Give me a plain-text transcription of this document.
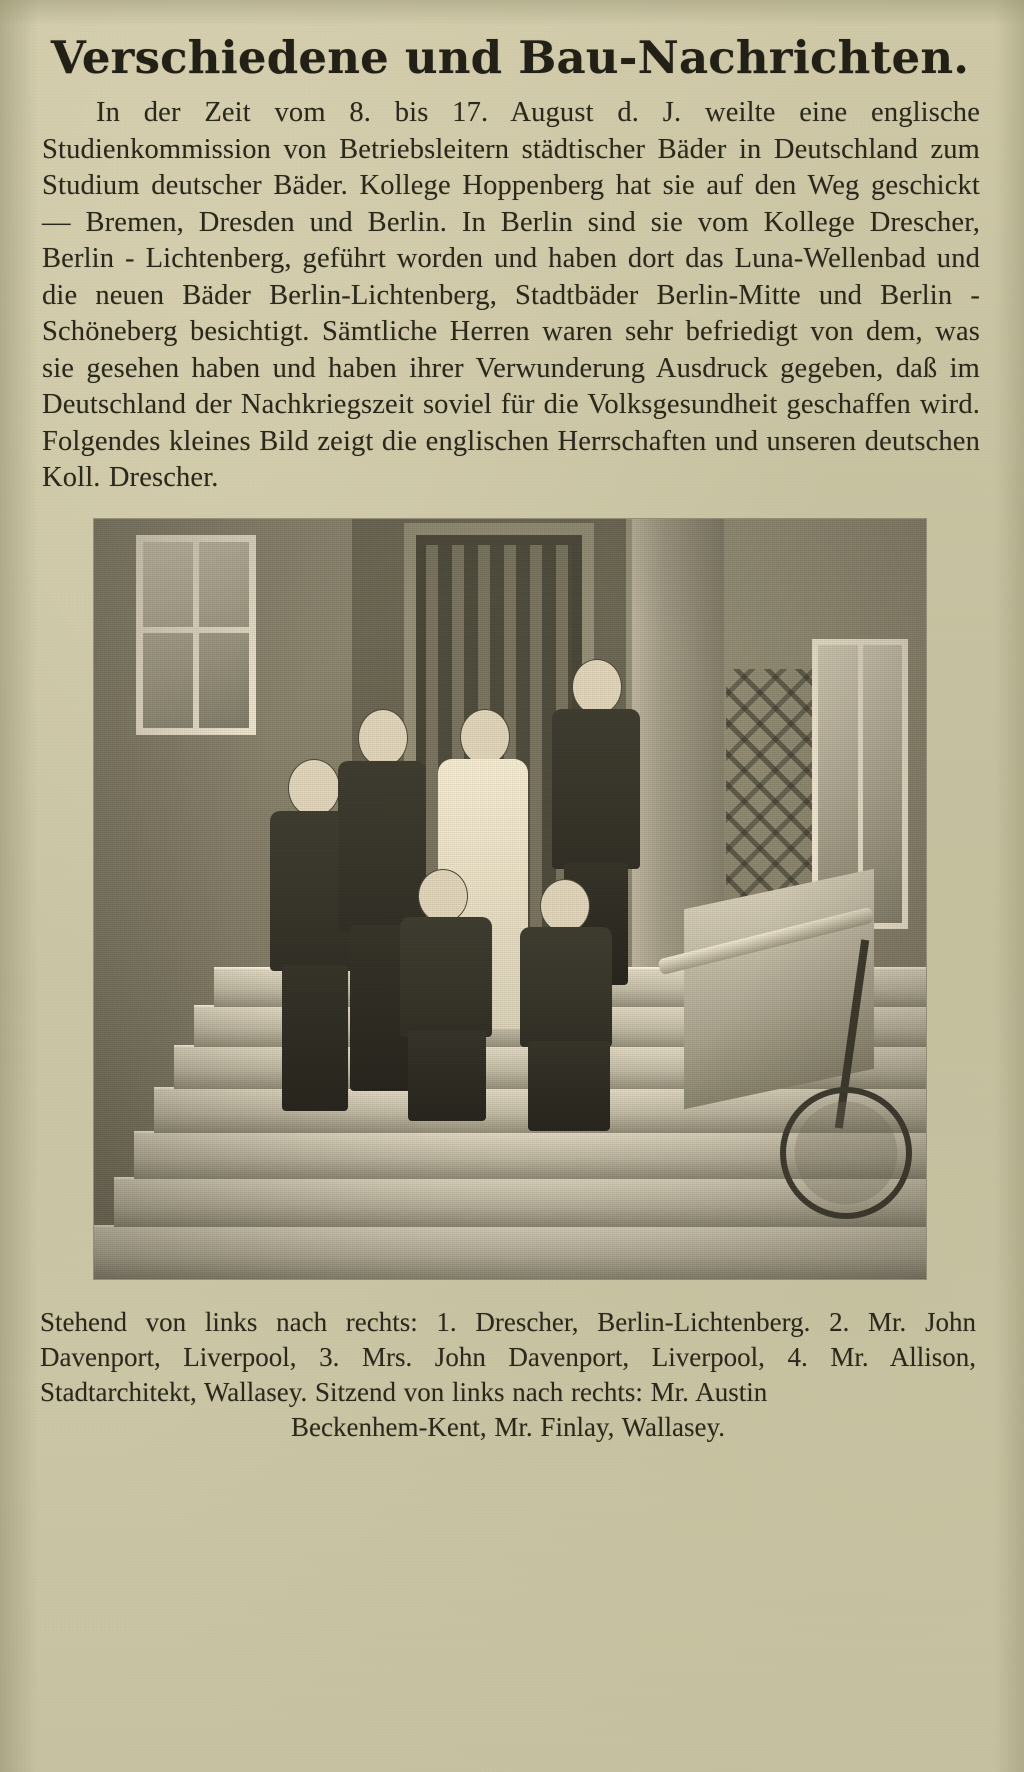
Verschiedene und Bau-Nachrichten.

In der Zeit vom 8. bis 17. August d. J. weilte eine englische Studienkommission von Betriebsleitern städtischer Bäder in Deutschland zum Studium deutscher Bäder. Kollege Hoppenberg hat sie auf den Weg geschickt — Bremen, Dresden und Berlin. In Berlin sind sie vom Kollege Drescher, Berlin - Lichtenberg, geführt worden und haben dort das Luna-Wellenbad und die neuen Bäder Berlin-Lichtenberg, Stadtbäder Berlin-Mitte und Berlin - Schöneberg besichtigt. Sämtliche Herren waren sehr befriedigt von dem, was sie gesehen haben und haben ihrer Verwunderung Ausdruck gegeben, daß im Deutschland der Nachkriegszeit soviel für die Volksgesundheit geschaffen wird. Folgendes kleines Bild zeigt die englischen Herrschaften und unseren deutschen Koll. Drescher.

Stehend von links nach rechts: 1. Drescher, Berlin-Lichtenberg. 2. Mr. John Davenport, Liverpool, 3. Mrs. John Davenport, Liverpool, 4. Mr. Allison, Stadtarchitekt, Wallasey. Sitzend von links nach rechts: Mr. Austin
Beckenhem-Kent, Mr. Finlay, Wallasey.
